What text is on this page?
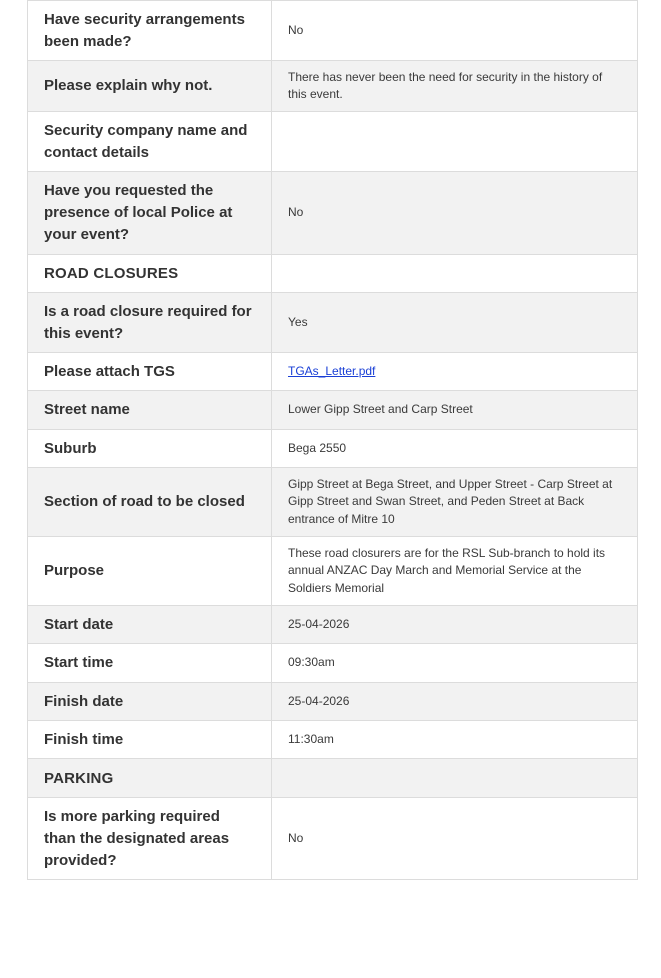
Have security arrangements been made?	No
Please explain why not.	There has never been the need for security in the history of this event.
Security company name and contact details	
Have you requested the presence of local Police at your event?	No
ROAD CLOSURES	
Is a road closure required for this event?	Yes
Please attach TGS	TGAs_Letter.pdf
Street name	Lower Gipp Street and Carp Street
Suburb	Bega 2550
Section of road to be closed	Gipp Street at Bega Street, and Upper Street - Carp Street at Gipp Street and Swan Street, and Peden Street at Back entrance of Mitre 10
Purpose	These road closurers are for the RSL Sub-branch to hold its annual ANZAC Day March and Memorial Service at the Soldiers Memorial
Start date	25-04-2026
Start time	09:30am
Finish date	25-04-2026
Finish time	11:30am
PARKING	
Is more parking required than the designated areas provided?	No
